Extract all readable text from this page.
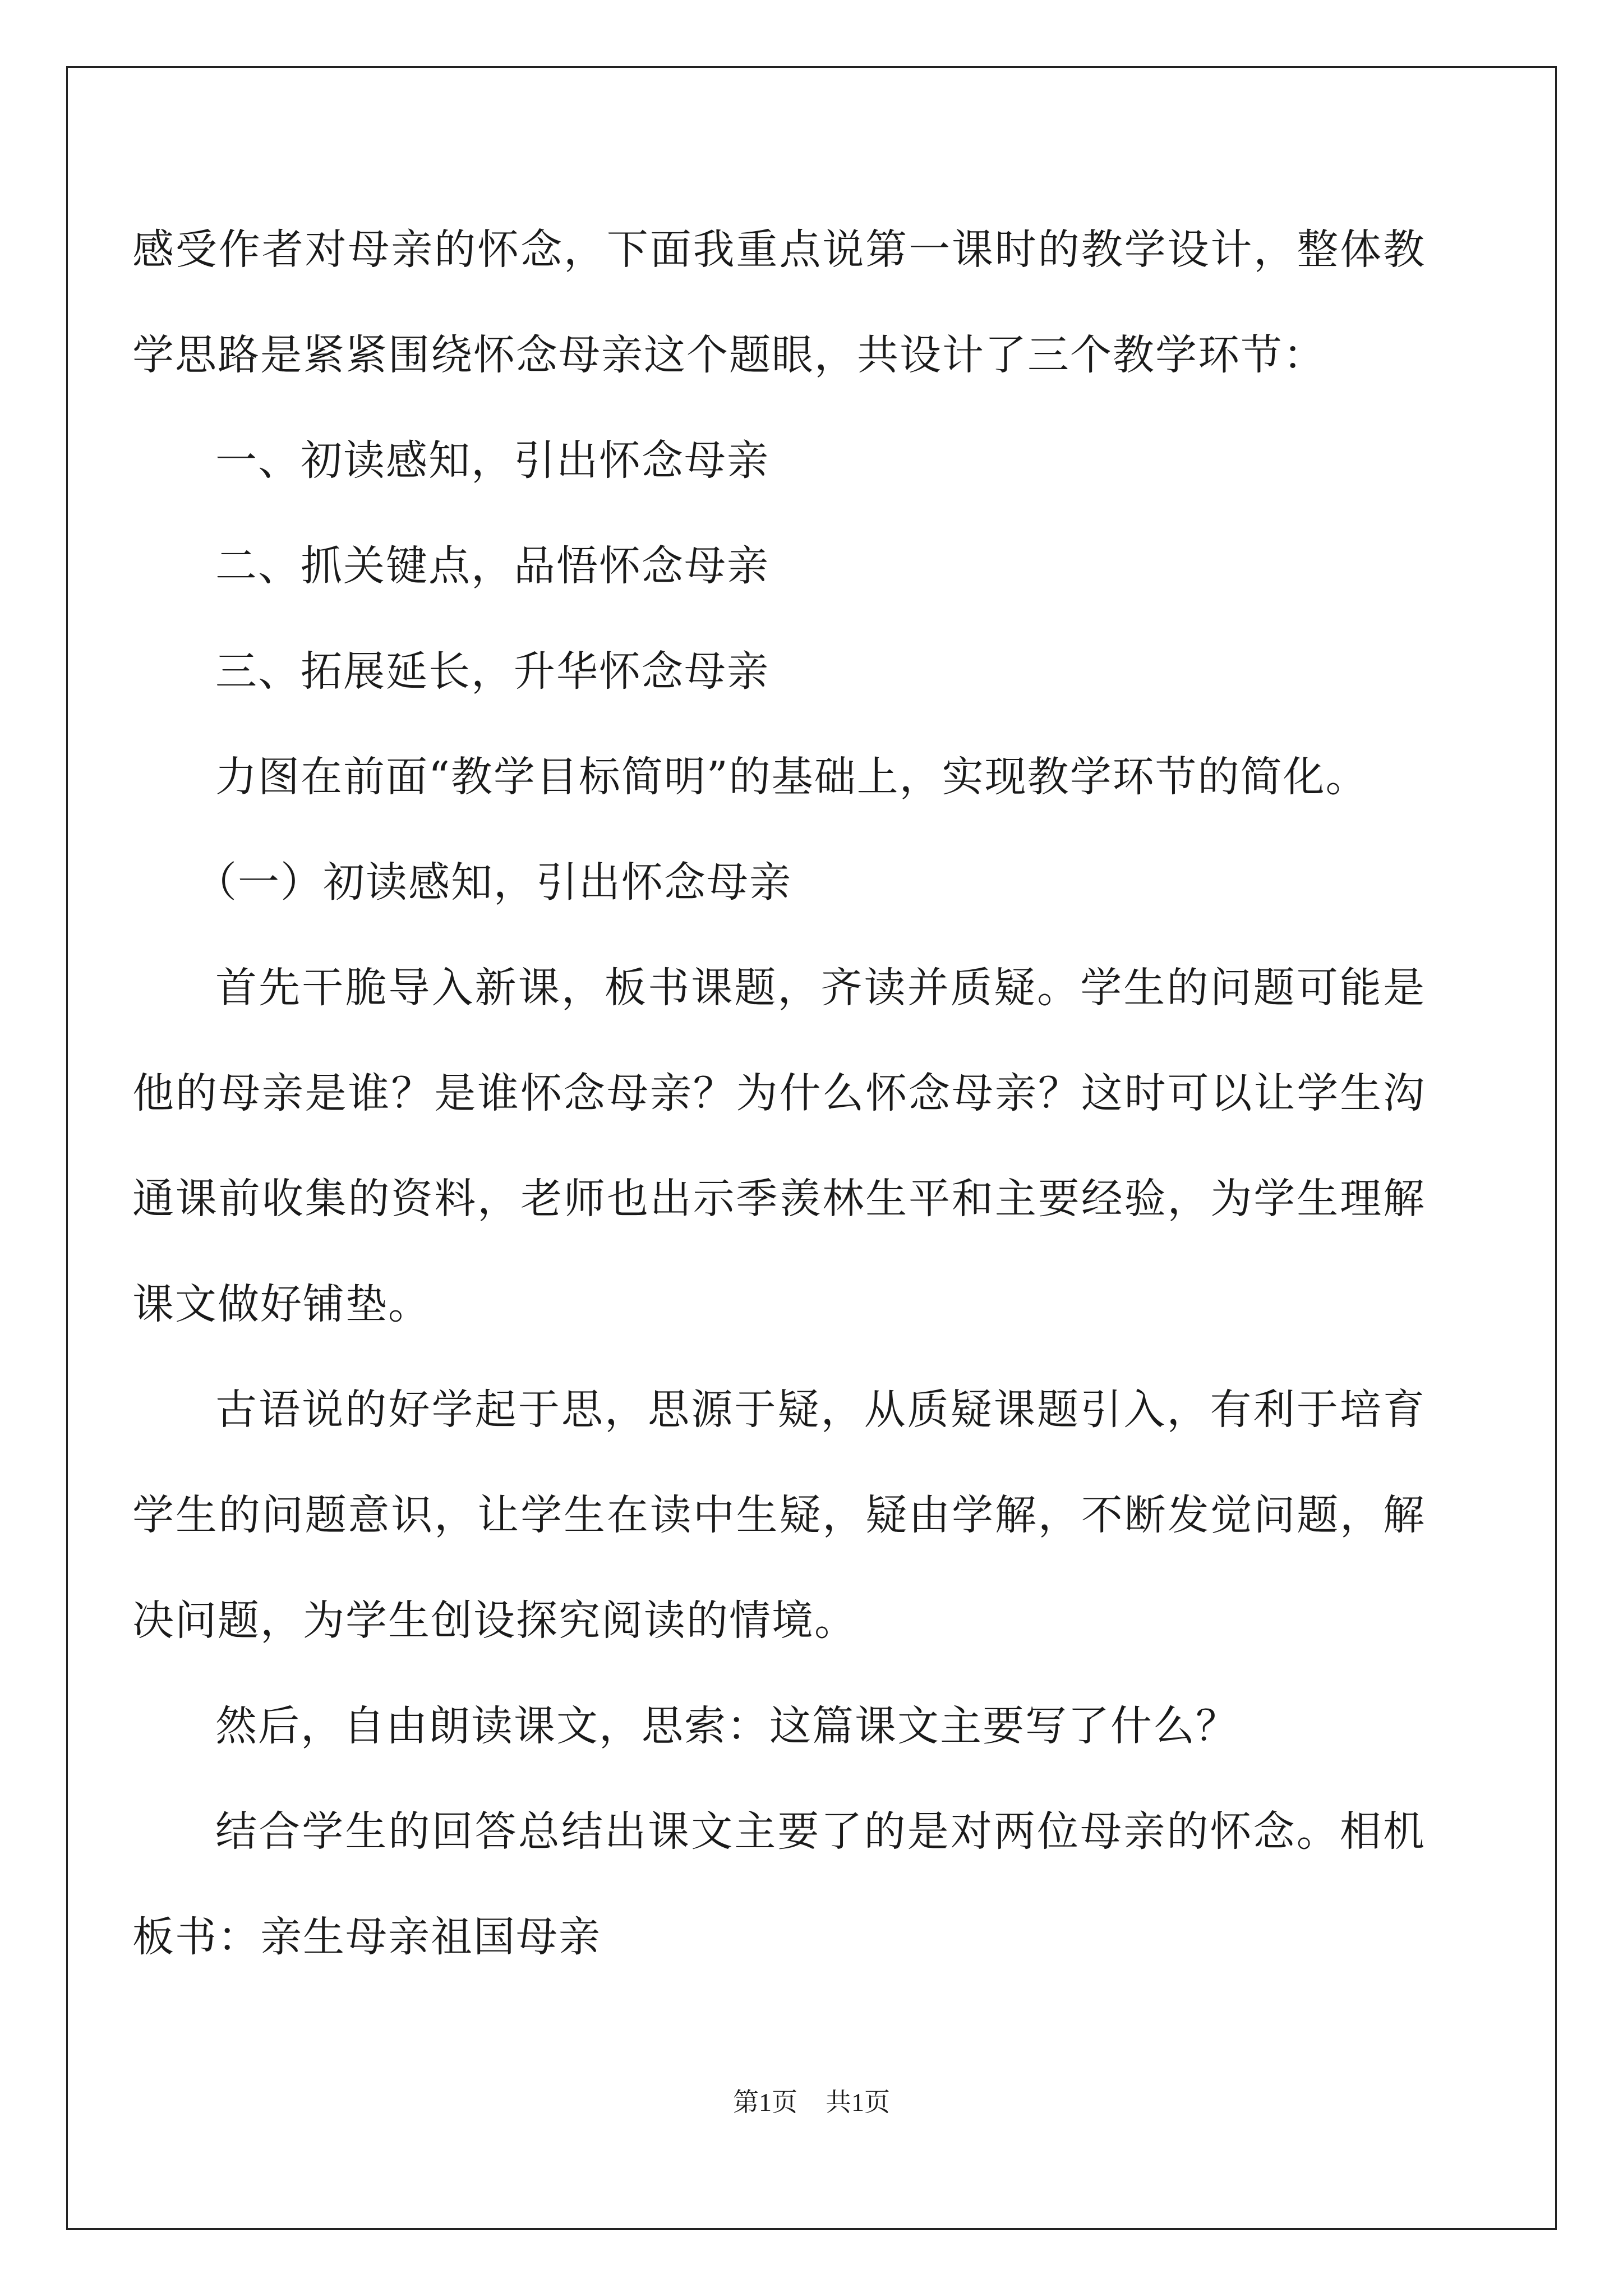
感受作者对母亲的怀念，下面我重点说第一课时的教学设计，整体教
学思路是紧紧围绕怀念母亲这个题眼，共设计了三个教学环节：
一、初读感知，引出怀念母亲
二、抓关键点，品悟怀念母亲
三、拓展延长，升华怀念母亲
力图在前面“教学目标简明”的基础上，实现教学环节的简化。
（一）初读感知，引出怀念母亲
首先干脆导入新课，板书课题，齐读并质疑。学生的问题可能是
他的母亲是谁？是谁怀念母亲？为什么怀念母亲？这时可以让学生沟
通课前收集的资料，老师也出示季羡林生平和主要经验，为学生理解
课文做好铺垫。
古语说的好学起于思，思源于疑，从质疑课题引入，有利于培育
学生的问题意识，让学生在读中生疑，疑由学解，不断发觉问题，解
决问题，为学生创设探究阅读的情境。
然后，自由朗读课文，思索：这篇课文主要写了什么？
结合学生的回答总结出课文主要了的是对两位母亲的怀念。相机
板书：亲生母亲祖国母亲
第1页 共1页
